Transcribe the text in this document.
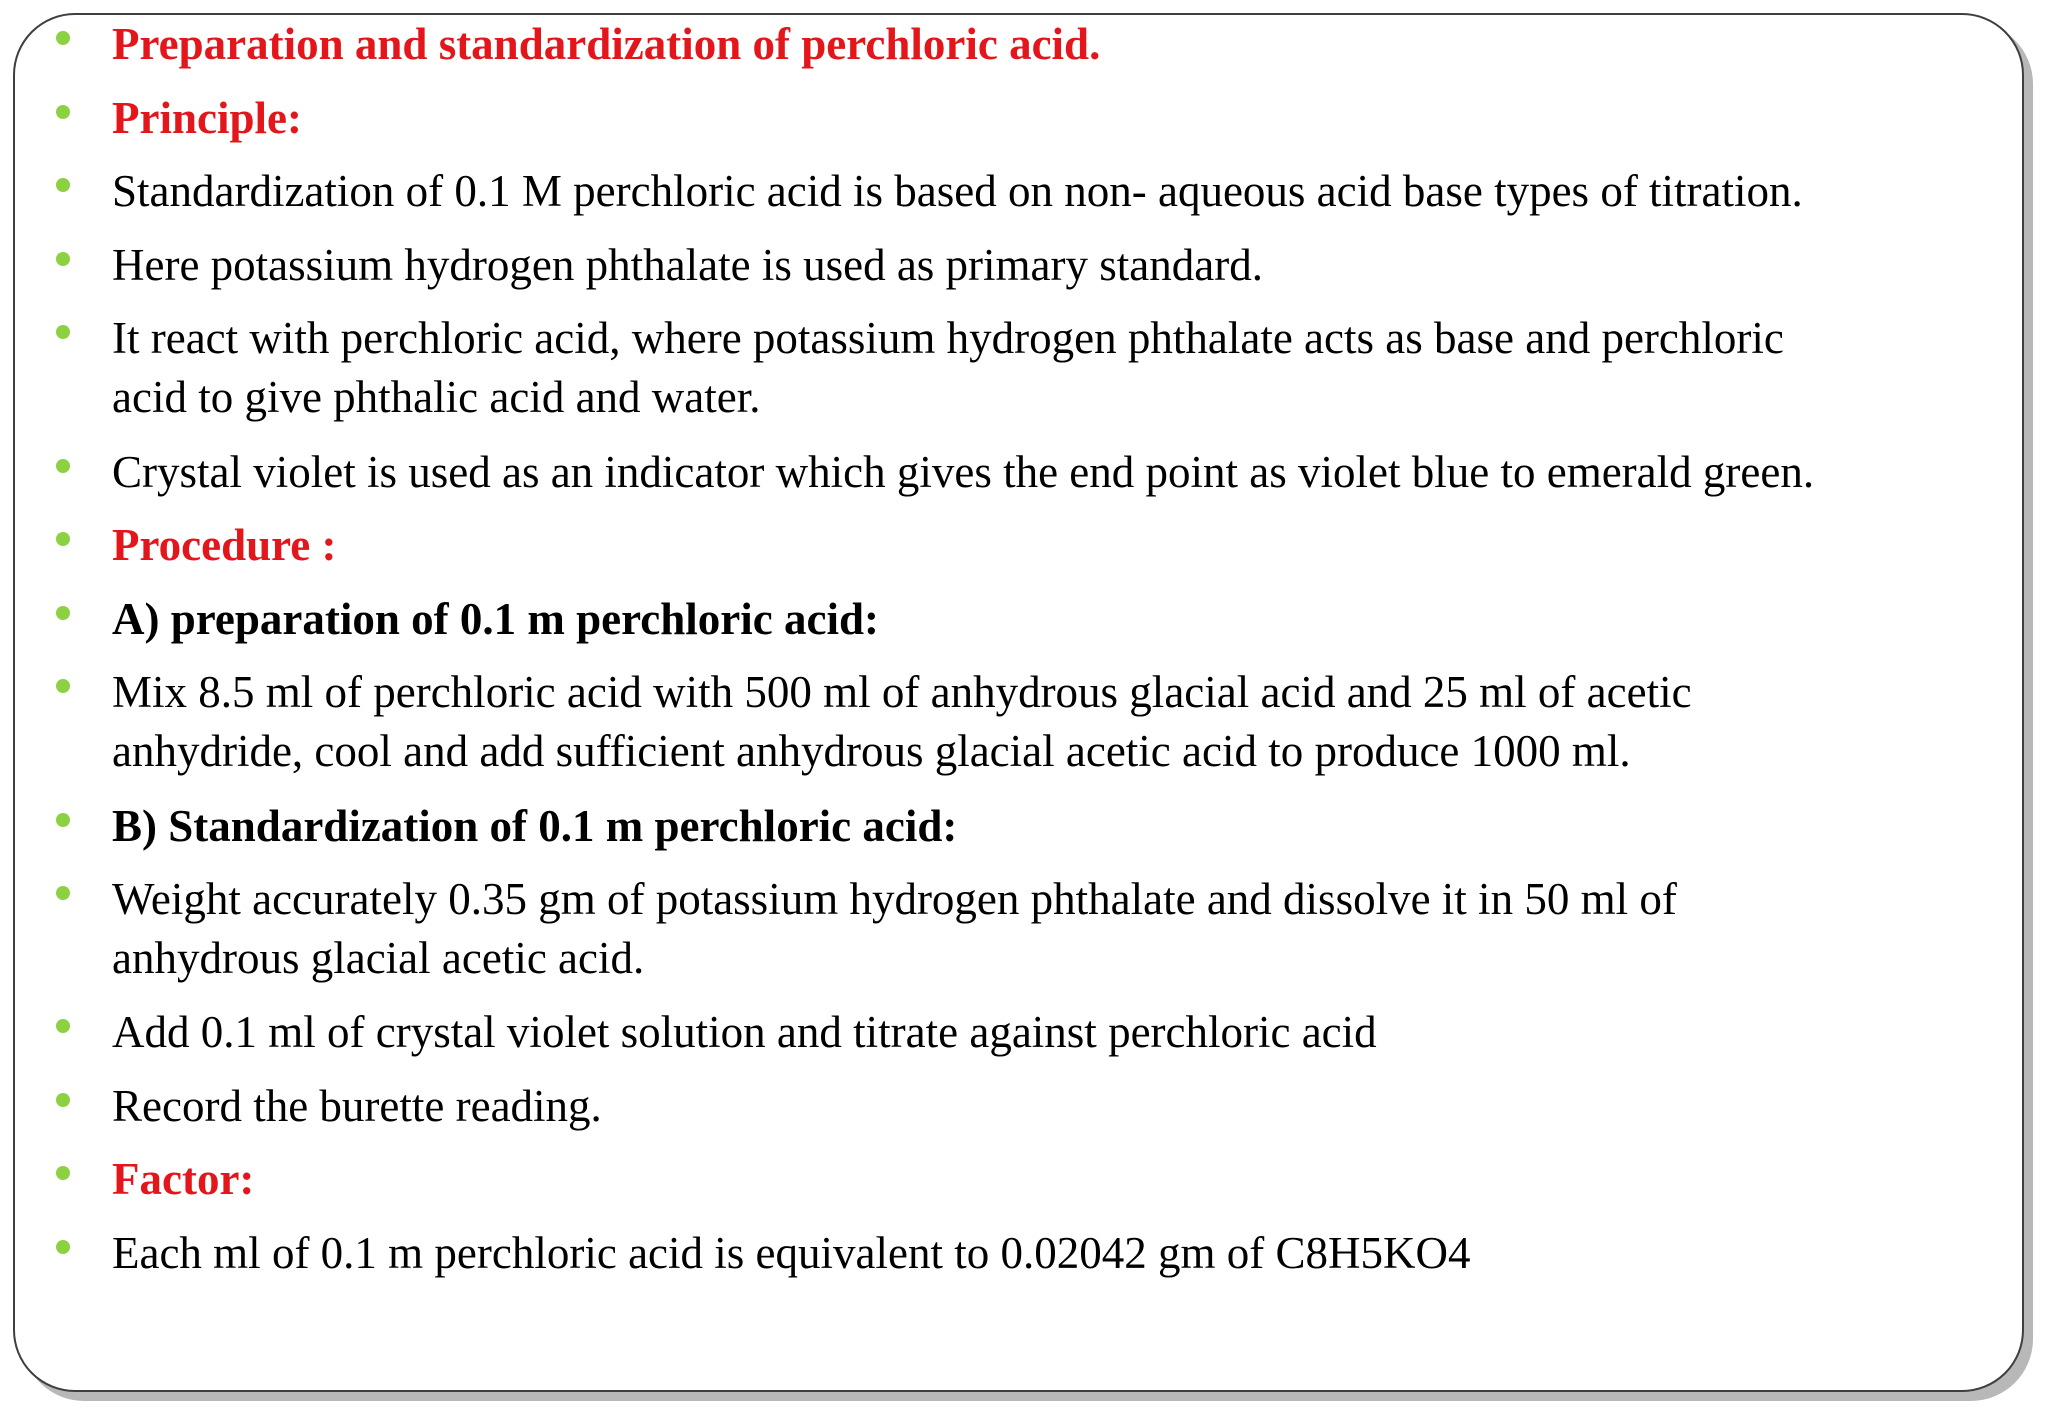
Preparation and standardization of perchloric acid.
Principle:
Standardization of 0.1 M perchloric acid is based on non- aqueous acid base types of titration.
Here potassium hydrogen phthalate is used as primary standard.
It react with perchloric acid, where potassium hydrogen phthalate acts as base and perchloric
acid to give phthalic acid and water.
Crystal violet is used as an indicator which gives the end point as violet blue to emerald green.
Procedure :
A) preparation of 0.1 m perchloric acid:
Mix 8.5 ml of perchloric acid with 500 ml of anhydrous glacial acid and 25 ml of acetic
anhydride, cool and add sufficient anhydrous glacial acetic acid to produce 1000 ml.
B) Standardization of 0.1 m perchloric acid:
Weight accurately 0.35 gm of potassium hydrogen phthalate and dissolve it in 50 ml of
anhydrous glacial acetic acid.
Add 0.1 ml of crystal violet solution and titrate against perchloric acid
Record the burette reading.
Factor:
Each ml of 0.1 m perchloric acid is equivalent to 0.02042 gm of C8H5KO4
